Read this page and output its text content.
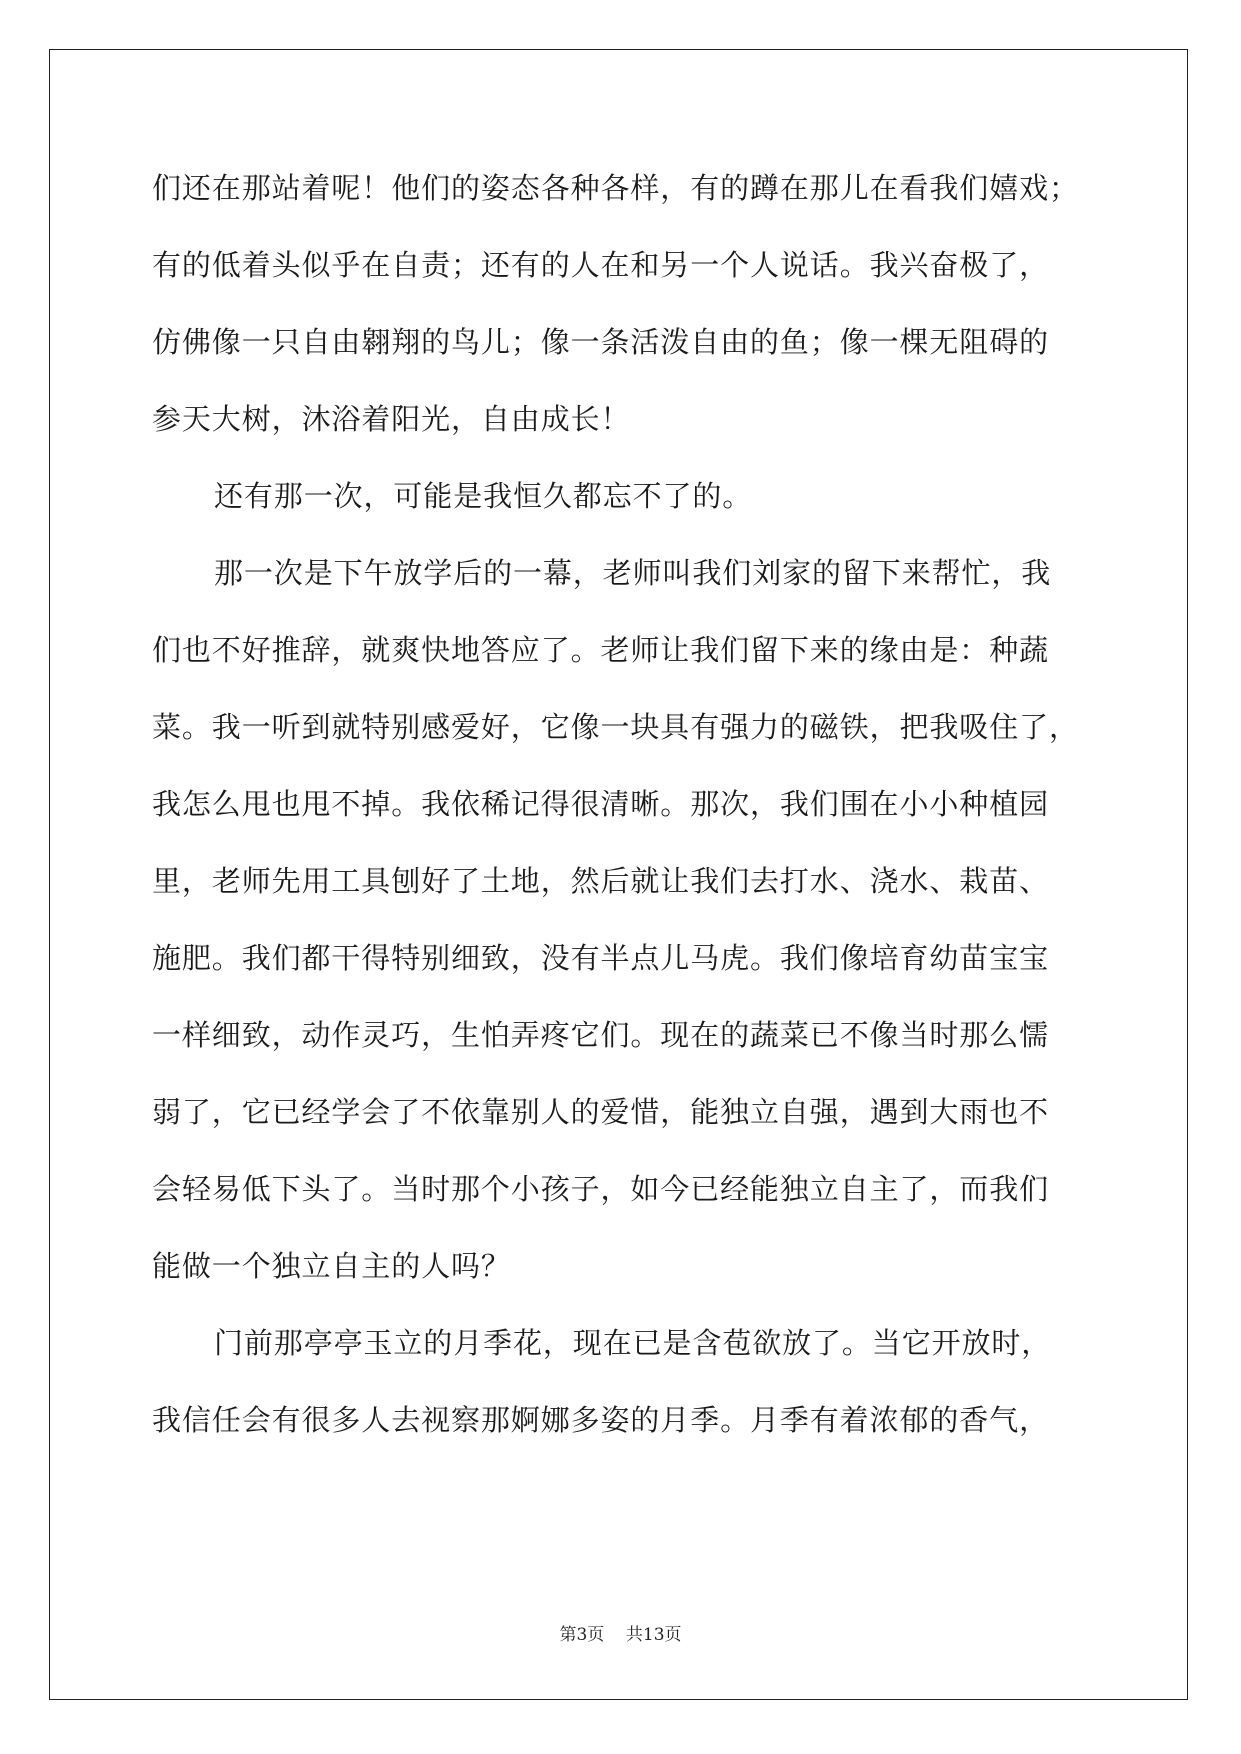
们还在那站着呢！他们的姿态各种各样，有的蹲在那儿在看我们嬉戏；
有的低着头似乎在自责；还有的人在和另一个人说话。我兴奋极了，
仿佛像一只自由翱翔的鸟儿；像一条活泼自由的鱼；像一棵无阻碍的
参天大树，沐浴着阳光，自由成长！
还有那一次，可能是我恒久都忘不了的。
那一次是下午放学后的一幕，老师叫我们刘家的留下来帮忙，我
们也不好推辞，就爽快地答应了。老师让我们留下来的缘由是：种蔬
菜。我一听到就特别感爱好，它像一块具有强力的磁铁，把我吸住了，
我怎么甩也甩不掉。我依稀记得很清晰。那次，我们围在小小种植园
里，老师先用工具刨好了土地，然后就让我们去打水、浇水、栽苗、
施肥。我们都干得特别细致，没有半点儿马虎。我们像培育幼苗宝宝
一样细致，动作灵巧，生怕弄疼它们。现在的蔬菜已不像当时那么懦
弱了，它已经学会了不依靠别人的爱惜，能独立自强，遇到大雨也不
会轻易低下头了。当时那个小孩子，如今已经能独立自主了，而我们
能做一个独立自主的人吗？
门前那亭亭玉立的月季花，现在已是含苞欲放了。当它开放时，
我信任会有很多人去视察那婀娜多姿的月季。月季有着浓郁的香气，
第3页    共13页
